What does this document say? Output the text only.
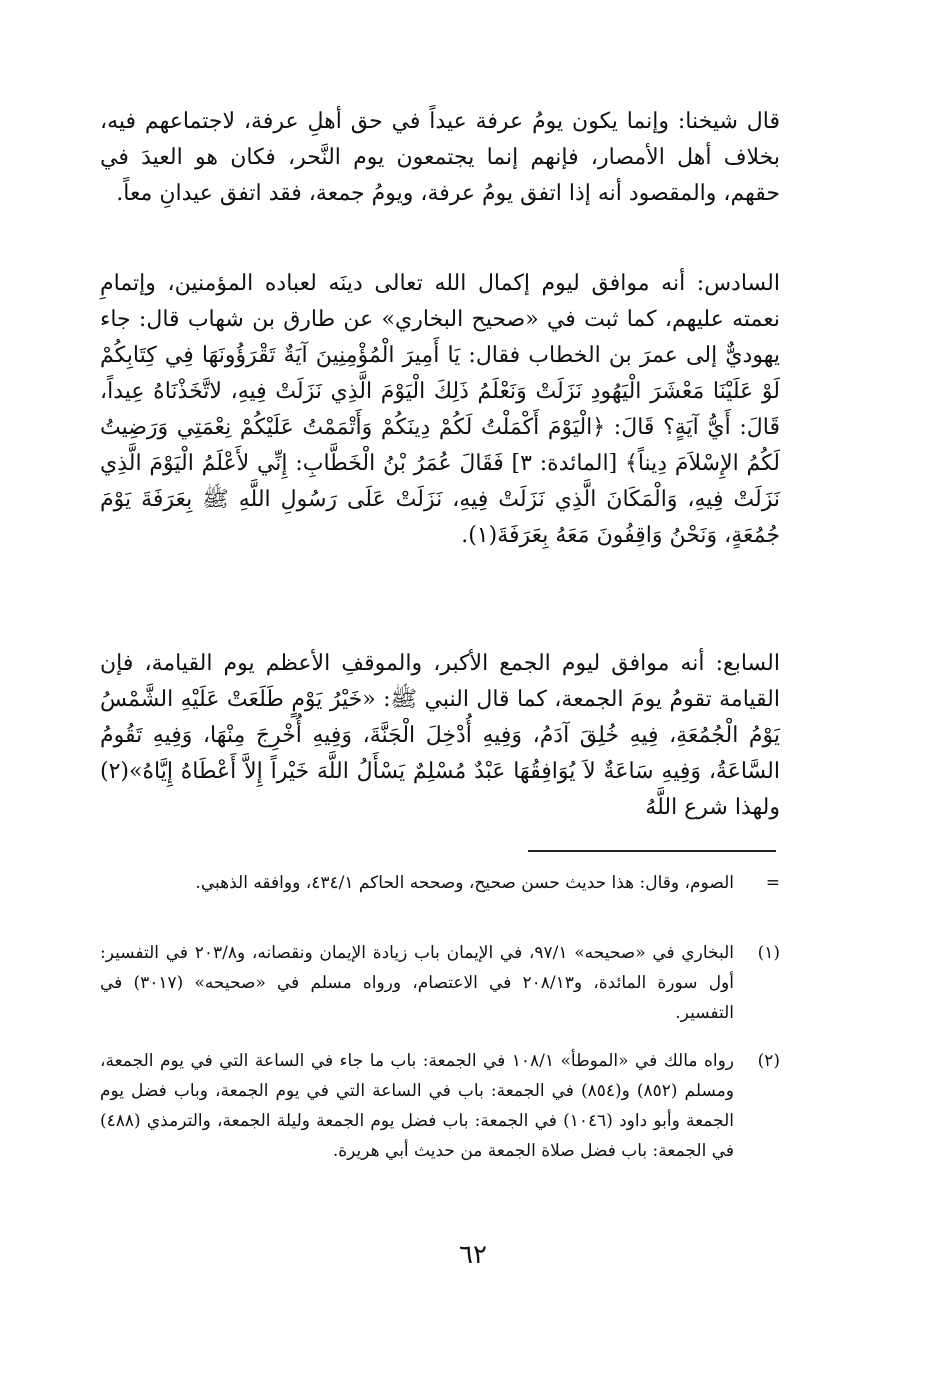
قال شيخنا: وإنما يكون يومُ عرفة عيداً في حق أهلِ عرفة، لاجتماعهم فيه، بخلاف أهل الأمصار، فإنهم إنما يجتمعون يوم النَّحر، فكان هو العيدَ في حقهم، والمقصود أنه إذا اتفق يومُ عرفة، ويومُ جمعة، فقد اتفق عيدانِ معاً.

السادس: أنه موافق ليوم إكمال الله تعالى دينَه لعباده المؤمنين، وإتمامِ نعمته عليهم، كما ثبت في «صحيح البخاري» عن طارق بن شهاب قال: جاء يهوديٌّ إلى عمرَ بن الخطاب فقال: يَا أَمِيرَ الْمُؤْمِنِينَ آيَةٌ تَقْرَؤُونَهَا فِي كِتَابِكُمْ لَوْ عَلَيْنَا مَعْشَرَ الْيَهُودِ نَزَلَتْ وَنَعْلَمُ ذَلِكَ الْيَوْمَ الَّذِي نَزَلَتْ فِيهِ، لاتَّخَذْنَاهُ عِيداً، قَالَ: أَيُّ آيَةٍ؟ قَالَ: ﴿الْيَوْمَ أَكْمَلْتُ لَكُمْ دِينَكُمْ وَأَتْمَمْتُ عَلَيْكُمْ نِعْمَتِي وَرَضِيتُ لَكُمُ الإِسْلاَمَ دِيناً﴾ [المائدة: ٣] فَقَالَ عُمَرُ بْنُ الْخَطَّابِ: إِنِّي لأَعْلَمُ الْيَوْمَ الَّذِي نَزَلَتْ فِيهِ، وَالْمَكَانَ الَّذِي نَزَلَتْ فِيهِ، نَزَلَتْ عَلَى رَسُولِ اللَّهِ ﷺ بِعَرَفَةَ يَوْمَ جُمُعَةٍ، وَنَحْنُ وَاقِفُونَ مَعَهُ بِعَرَفَةَ(١).

السابع: أنه موافق ليوم الجمع الأكبر، والموقفِ الأعظم يوم القيامة، فإن القيامة تقومُ يومَ الجمعة، كما قال النبي ﷺ: «خَيْرُ يَوْمٍ طَلَعَتْ عَلَيْهِ الشَّمْسُ يَوْمُ الْجُمُعَةِ، فِيهِ خُلِقَ آدَمُ، وَفِيهِ أُدْخِلَ الْجَنَّةَ، وَفِيهِ أُخْرِجَ مِنْهَا، وَفِيهِ تَقُومُ السَّاعَةُ، وَفِيهِ سَاعَةٌ لاَ يُوَافِقُهَا عَبْدٌ مُسْلِمٌ يَسْأَلُ اللَّهَ خَيْراً إِلاَّ أَعْطَاهُ إِيَّاهُ»(٢) ولهذا شرع اللَّهُ

=
الصوم، وقال: هذا حديث حسن صحيح، وصححه الحاكم ٤٣٤/١، ووافقه الذهبي.
(١)
البخاري في «صحيحه» ٩٧/١، في الإيمان باب زيادة الإيمان ونقصانه، و٢٠٣/٨ في التفسير: أول سورة المائدة، و٢٠٨/١٣ في الاعتصام، ورواه مسلم في «صحيحه» (٣٠١٧) في التفسير.
(٢)
رواه مالك في «الموطأ» ١٠٨/١ في الجمعة: باب ما جاء في الساعة التي في يوم الجمعة، ومسلم (٨٥٢) و(٨٥٤) في الجمعة: باب في الساعة التي في يوم الجمعة، وباب فضل يوم الجمعة وأبو داود (١٠٤٦) في الجمعة: باب فضل يوم الجمعة وليلة الجمعة، والترمذي (٤٨٨) في الجمعة: باب فضل صلاة الجمعة من حديث أبي هريرة.
٦٢
